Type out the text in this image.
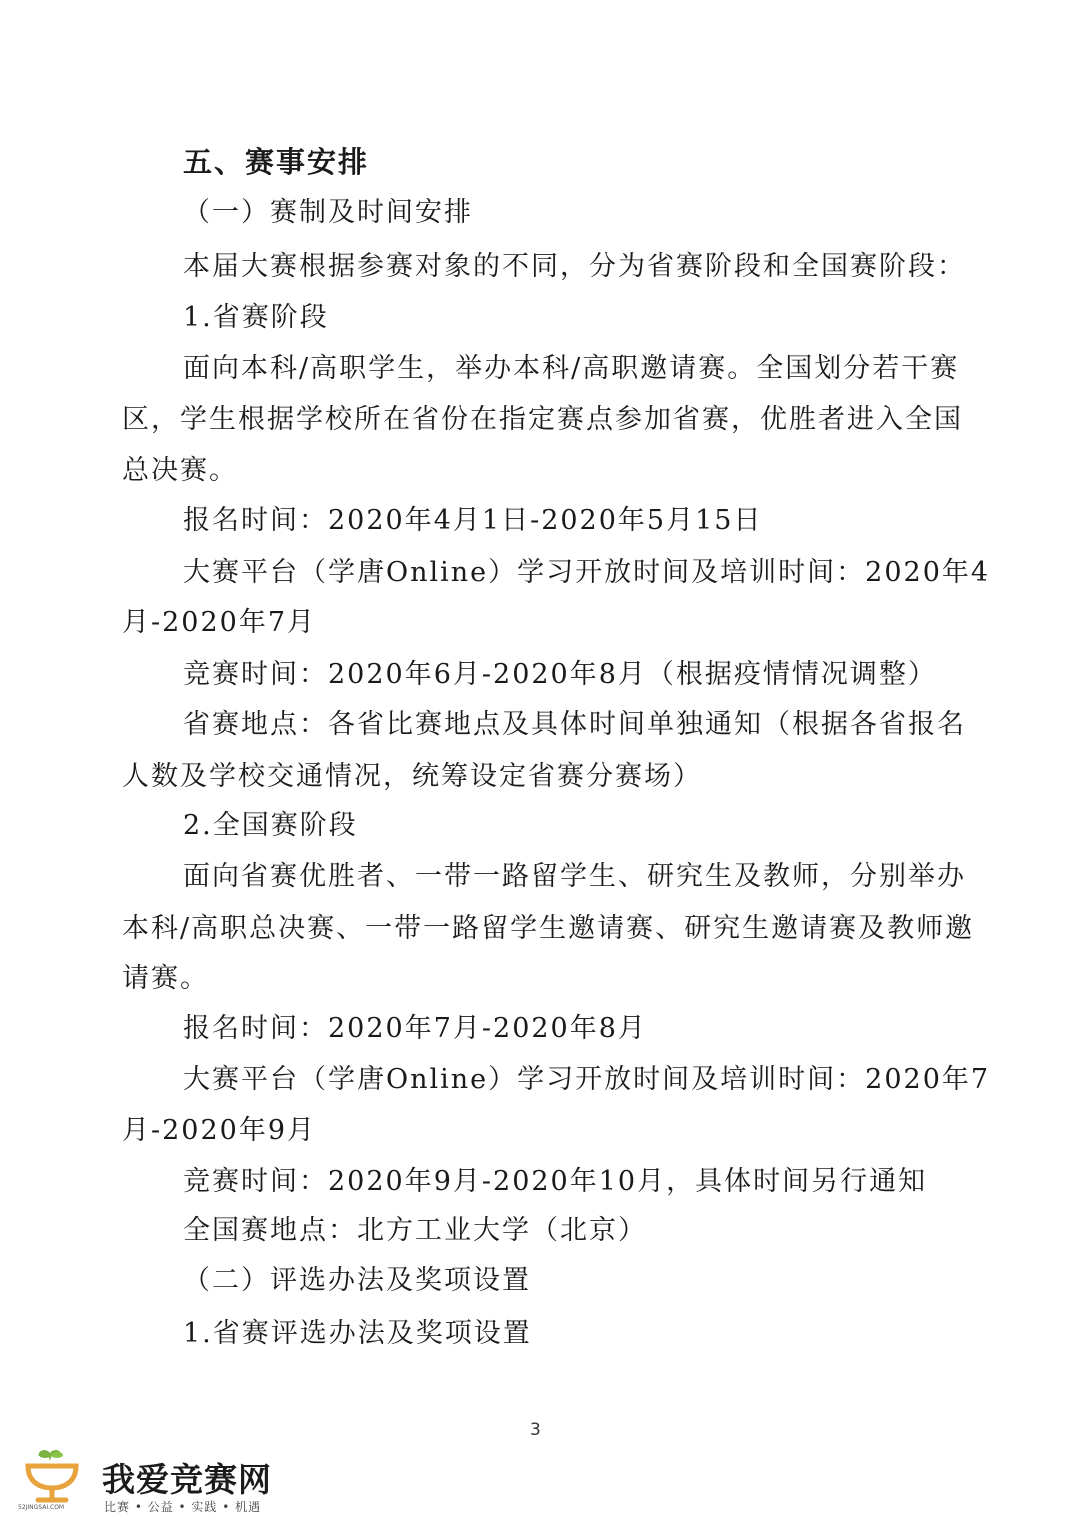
五、赛事安排
（一）赛制及时间安排
本届大赛根据参赛对象的不同，分为省赛阶段和全国赛阶段：
1.省赛阶段
面向本科/高职学生，举办本科/高职邀请赛。全国划分若干赛
区，学生根据学校所在省份在指定赛点参加省赛，优胜者进入全国
总决赛。
报名时间：2020年4月1日-2020年5月15日
大赛平台（学唐Online）学习开放时间及培训时间：2020年4
月-2020年7月
竞赛时间：2020年6月-2020年8月（根据疫情情况调整）
省赛地点：各省比赛地点及具体时间单独通知（根据各省报名
人数及学校交通情况，统筹设定省赛分赛场）
2.全国赛阶段
面向省赛优胜者、一带一路留学生、研究生及教师，分别举办
本科/高职总决赛、一带一路留学生邀请赛、研究生邀请赛及教师邀
请赛。
报名时间：2020年7月-2020年8月
大赛平台（学唐Online）学习开放时间及培训时间：2020年7
月-2020年9月
竞赛时间：2020年9月-2020年10月，具体时间另行通知
全国赛地点：北方工业大学（北京）
（二）评选办法及奖项设置
1.省赛评选办法及奖项设置
3
52JINGSAI.COM
我爱竞赛网
比赛 • 公益 • 实践 • 机遇
